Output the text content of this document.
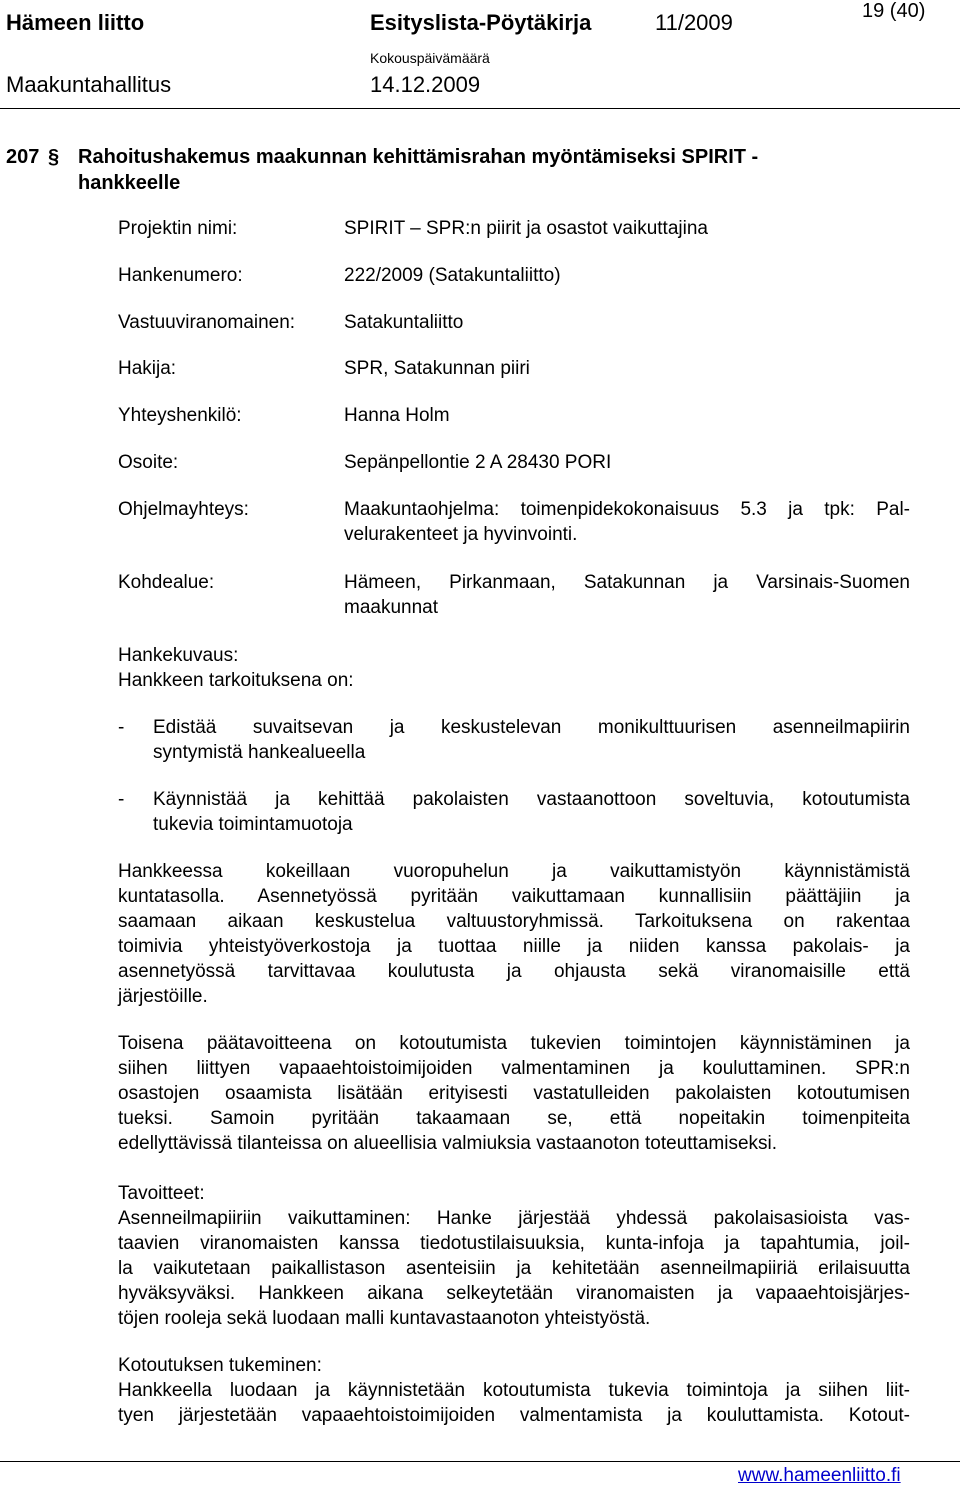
Hämeen liitto	Esityslista-Pöytäkirja	11/2009	19 (40)
Kokouspäivämäärä
Maakuntahallitus	14.12.2009
207 § Rahoitushakemus maakunnan kehittämisrahan myöntämiseksi SPIRIT -
hankkeelle
Projektin nimi:	SPIRIT – SPR:n piirit ja osastot vaikuttajina
Hankenumero:	222/2009 (Satakuntaliitto)
Vastuuviranomainen:	Satakuntaliitto
Hakija:	SPR, Satakunnan piiri
Yhteyshenkilö:	Hanna Holm
Osoite:	Sepänpellontie 2 A 28430 PORI
Ohjelmayhteys:	Maakuntaohjelma: toimenpidekokonaisuus 5.3 ja tpk: Pal-
velurakenteet ja hyvinvointi.
Kohdealue:	Hämeen, Pirkanmaan, Satakunnan ja Varsinais-Suomen
maakunnat
Hankekuvaus:
Hankkeen tarkoituksena on:
- Edistää suvaitsevan ja keskustelevan monikulttuurisen asenneilmapiirin
syntymistä hankealueella
- Käynnistää ja kehittää pakolaisten vastaanottoon soveltuvia, kotoutumista
tukevia toimintamuotoja
Hankkeessa kokeillaan vuoropuhelun ja vaikuttamistyön käynnistämistä
kuntatasolla. Asennetyössä pyritään vaikuttamaan kunnallisiin päättäjiin ja
saamaan aikaan keskustelua valtuustoryhmissä. Tarkoituksena on rakentaa
toimivia yhteistyöverkostoja ja tuottaa niille ja niiden kanssa pakolais- ja
asennetyössä tarvittavaa koulutusta ja ohjausta sekä viranomaisille että
järjestöille.
Toisena päätavoitteena on kotoutumista tukevien toimintojen käynnistäminen ja
siihen liittyen vapaaehtoistoimijoiden valmentaminen ja kouluttaminen. SPR:n
osastojen osaamista lisätään erityisesti vastatulleiden pakolaisten kotoutumisen
tueksi. Samoin pyritään takaamaan se, että nopeitakin toimenpiteita
edellyttävissä tilanteissa on alueellisia valmiuksia vastaanoton toteuttamiseksi.
Tavoitteet:
Asenneilmapiiriin vaikuttaminen: Hanke järjestää yhdessä pakolaisasioista vas-
taavien viranomaisten kanssa tiedotustilaisuuksia, kunta-infoja ja tapahtumia, joil-
la vaikutetaan paikallistason asenteisiin ja kehitetään asenneilmapiiriä erilaisuutta
hyväksyväksi. Hankkeen aikana selkeytetään viranomaisten ja vapaaehtoisjärjes-
töjen rooleja sekä luodaan malli kuntavastaanoton yhteistyöstä.
Kotoutuksen tukeminen:
Hankkeella luodaan ja käynnistetään kotoutumista tukevia toimintoja ja siihen liit-
tyen järjestetään vapaaehtoistoimijoiden valmentamista ja kouluttamista. Kotout-
www.hameenliitto.fi
